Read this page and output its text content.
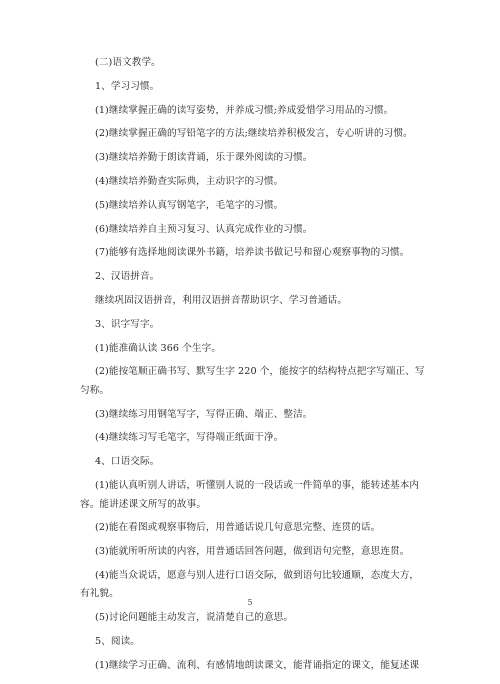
(二)语文教学。
1、学习习惯。
(1)继续掌握正确的读写姿势，并养成习惯;养成爱惜学习用品的习惯。
(2)继续掌握正确的写铅笔字的方法;继续培养积极发言，专心听讲的习惯。
(3)继续培养勤于朗读背诵，乐于课外阅读的习惯。
(4)继续培养勤查实际典，主动识字的习惯。
(5)继续培养认真写钢笔字，毛笔字的习惯。
(6)继续培养自主预习复习、认真完成作业的习惯。
(7)能够有选择地阅读课外书籍，培养读书做记号和留心观察事物的习惯。
2、汉语拼音。
继续巩固汉语拼音，利用汉语拼音帮助识字、学习普通话。
3、识字写字。
(1)能准确认读 366 个生字。
(2)能按笔顺正确书写、默写生字 220 个，能按字的结构特点把字写端正、写
匀称。
(3)继续练习用钢笔写字，写得正确、端正、整洁。
(4)继续练习写毛笔字，写得端正纸面干净。
4、口语交际。
(1)能认真听别人讲话，听懂别人说的一段话或一件简单的事，能转述基本内
容。能讲述课文所写的故事。
(2)能在看图或观察事物后，用普通话说几句意思完整、连贯的话。
(3)能就所听所读的内容，用普通话回答问题，做到语句完整，意思连贯。
(4)能当众说话，愿意与别人进行口语交际，做到语句比较通顺，态度大方，
有礼貌。
(5)讨论问题能主动发言，说清楚自己的意思。
5、阅读。
(1)继续学习正确、流利、有感情地朗读课文，能背诵指定的课文，能复述课
5
